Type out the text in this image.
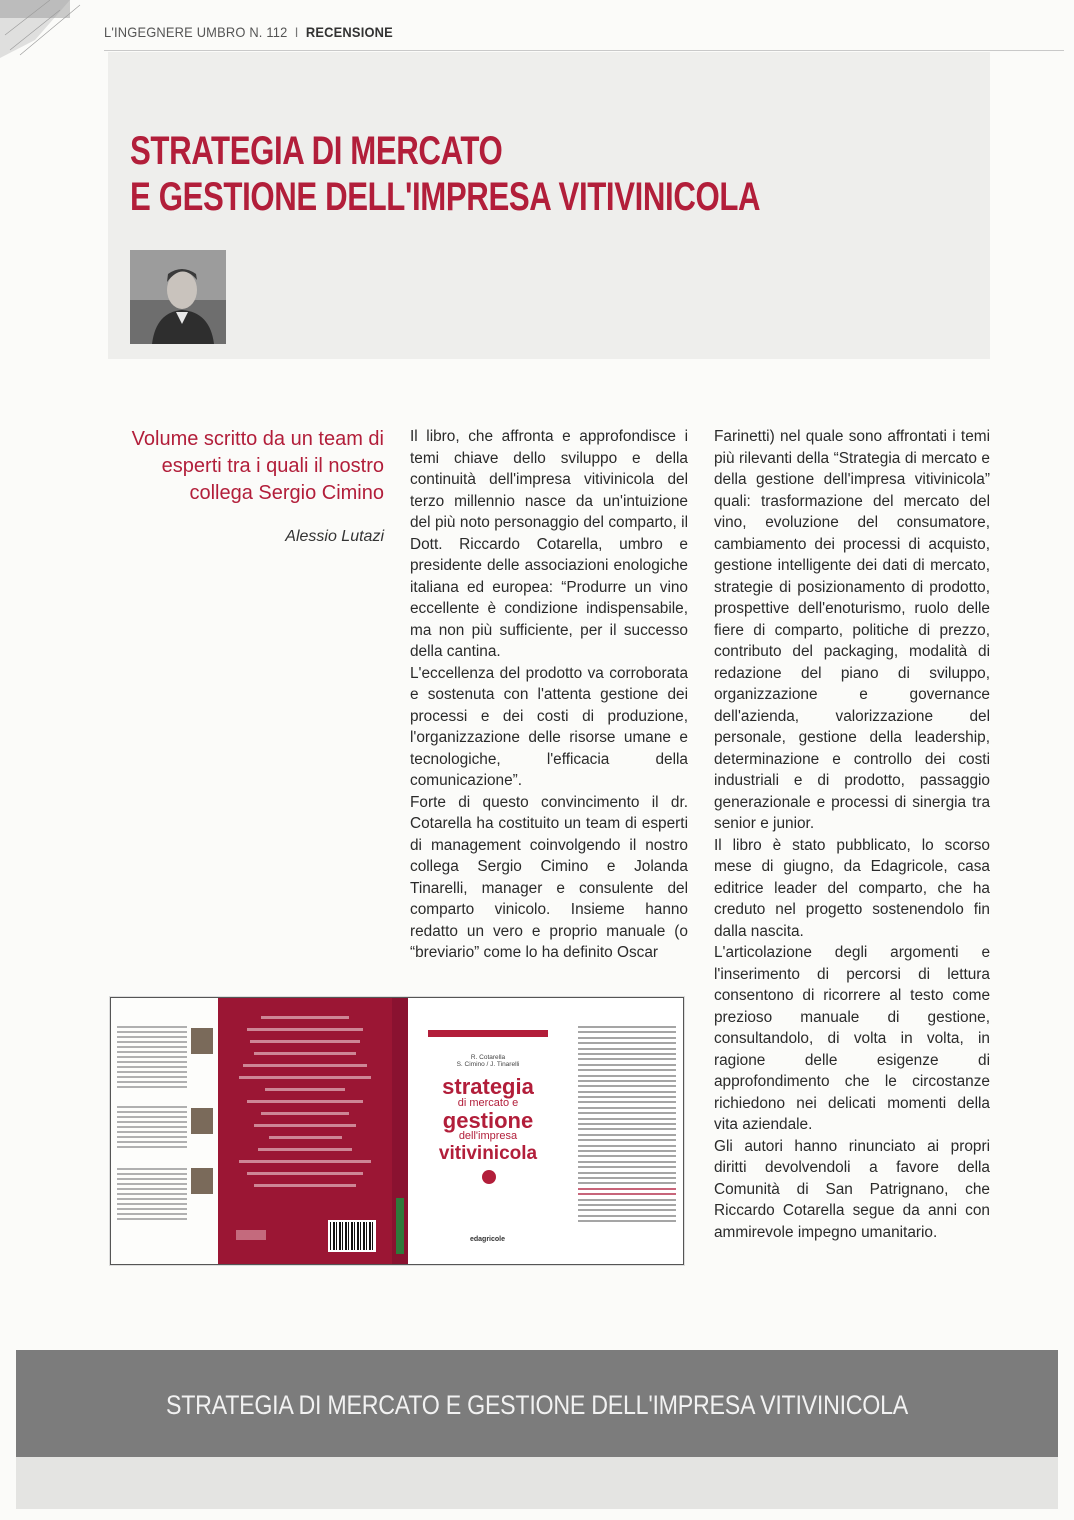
L'INGEGNERE UMBRO N. 112 I RECENSIONE
STRATEGIA DI MERCATO
E GESTIONE DELL'IMPRESA VITIVINICOLA
Volume scritto da un team di esperti tra i quali il nostro collega Sergio Cimino
Alessio Lutazi

Il libro, che affronta e approfondisce i temi chiave dello sviluppo e della continuità dell'impresa vitivinicola del terzo millennio nasce da un'intuizione del più noto personaggio del comparto, il Dott. Riccardo Cotarella, umbro e presidente delle associazioni enologiche italiana ed europea: “Produrre un vino eccellente è condizione indispensabile, ma non più sufficiente, per il successo della cantina.

L'eccellenza del prodotto va corroborata e sostenuta con l'attenta gestione dei processi e dei costi di produzione, l'organizzazione delle risorse umane e tecnologiche, l'efficacia della comunicazione”.

Forte di questo convincimento il dr. Cotarella ha costituito un team di esperti di management coinvolgendo il nostro collega Sergio Cimino e Jolanda Tinarelli, manager e consulente del comparto vinicolo. Insieme hanno redatto un vero e proprio manuale (o “breviario” come lo ha definito Oscar

Farinetti) nel quale sono affrontati i temi più rilevanti della “Strategia di mercato e della gestione dell'impresa vitivinicola” quali: trasformazione del mercato del vino, evoluzione del consumatore, cambiamento dei processi di acquisto, gestione intelligente dei dati di mercato, strategie di posizionamento di prodotto, prospettive dell'enoturismo, ruolo delle fiere di comparto, politiche di prezzo, contributo del packaging, modalità di redazione del piano di sviluppo, organizzazione e governance dell'azienda, valorizzazione del personale, gestione della leadership, determinazione e controllo dei costi industriali e di prodotto, passaggio generazionale e processi di sinergia tra senior e junior.

Il libro è stato pubblicato, lo scorso mese di giugno, da Edagricole, casa editrice leader del comparto, che ha creduto nel progetto sostenendolo fin dalla nascita.

L'articolazione degli argomenti e l'inserimento di percorsi di lettura consentono di ricorrere al testo come prezioso manuale di gestione, consultandolo, di volta in volta, in ragione delle esigenze di approfondimento che le circostanze richiedono nei delicati momenti della vita aziendale.

Gli autori hanno rinunciato ai propri diritti devolvendoli a favore della Comunità di San Patrignano, che Riccardo Cotarella segue da anni con ammirevole impegno umanitario.

R. Cotarella
S. Cimino / J. Tinarelli
strategia
di mercato e
gestione
dell'impresa
vitivinicola
edagricole
STRATEGIA DI MERCATO E GESTIONE DELL'IMPRESA VITIVINICOLA
